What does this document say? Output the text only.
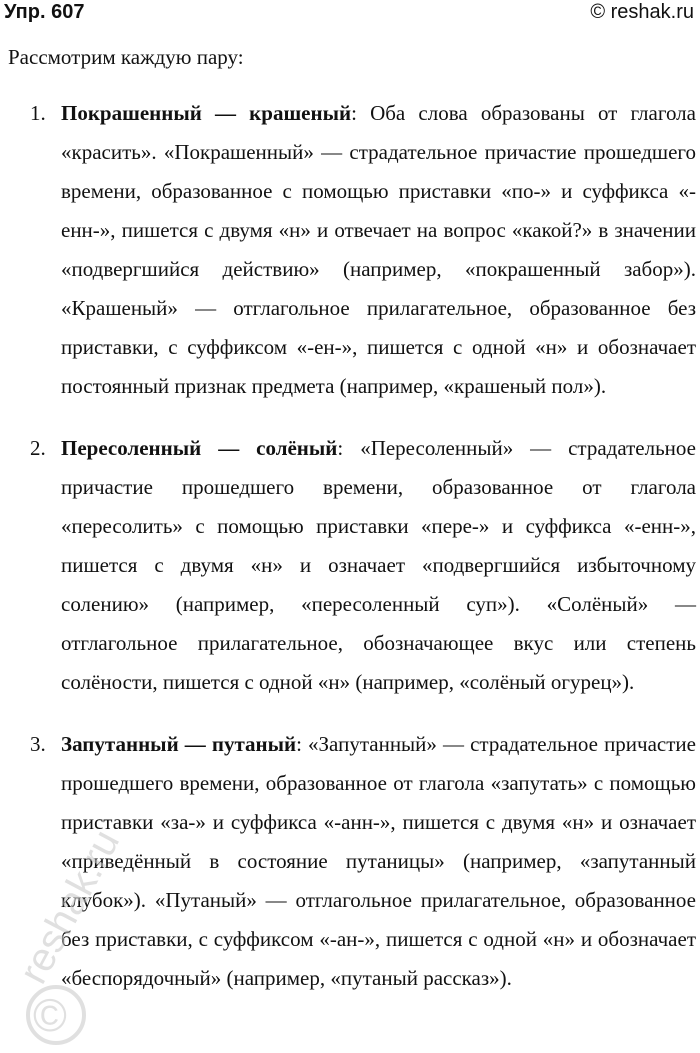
Упр. 607	© reshak.ru
Рассмотрим каждую пару:
1. Покрашенный — крашеный: Оба слова образованы от глагола «красить». «Покрашенный» — страдательное причастие прошедшего времени, образованное с помощью приставки «по-» и суффикса «-енн-», пишется с двумя «н» и отвечает на вопрос «какой?» в значении «подвергшийся действию» (например, «покрашенный забор»). «Крашеный» — отглагольное прилагательное, образованное без приставки, с суффиксом «-ен-», пишется с одной «н» и обозначает постоянный признак предмета (например, «крашеный пол»).
2. Пересоленный — солёный: «Пересоленный» — страдательное причастие прошедшего времени, образованное от глагола «пересолить» с помощью приставки «пере-» и суффикса «-енн-», пишется с двумя «н» и означает «подвергшийся избыточному солению» (например, «пересоленный суп»). «Солёный» — отглагольное прилагательное, обозначающее вкус или степень солёности, пишется с одной «н» (например, «солёный огурец»).
3. Запутанный — путаный: «Запутанный» — страдательное причастие прошедшего времени, образованное от глагола «запутать» с помощью приставки «за-» и суффикса «-анн-», пишется с двумя «н» и означает «приведённый в состояние путаницы» (например, «запутанный клубок»). «Путаный» — отглагольное прилагательное, образованное без приставки, с суффиксом «-ан-», пишется с одной «н» и обозначает «беспорядочный» (например, «путаный рассказ»).
reshak.ru
©
